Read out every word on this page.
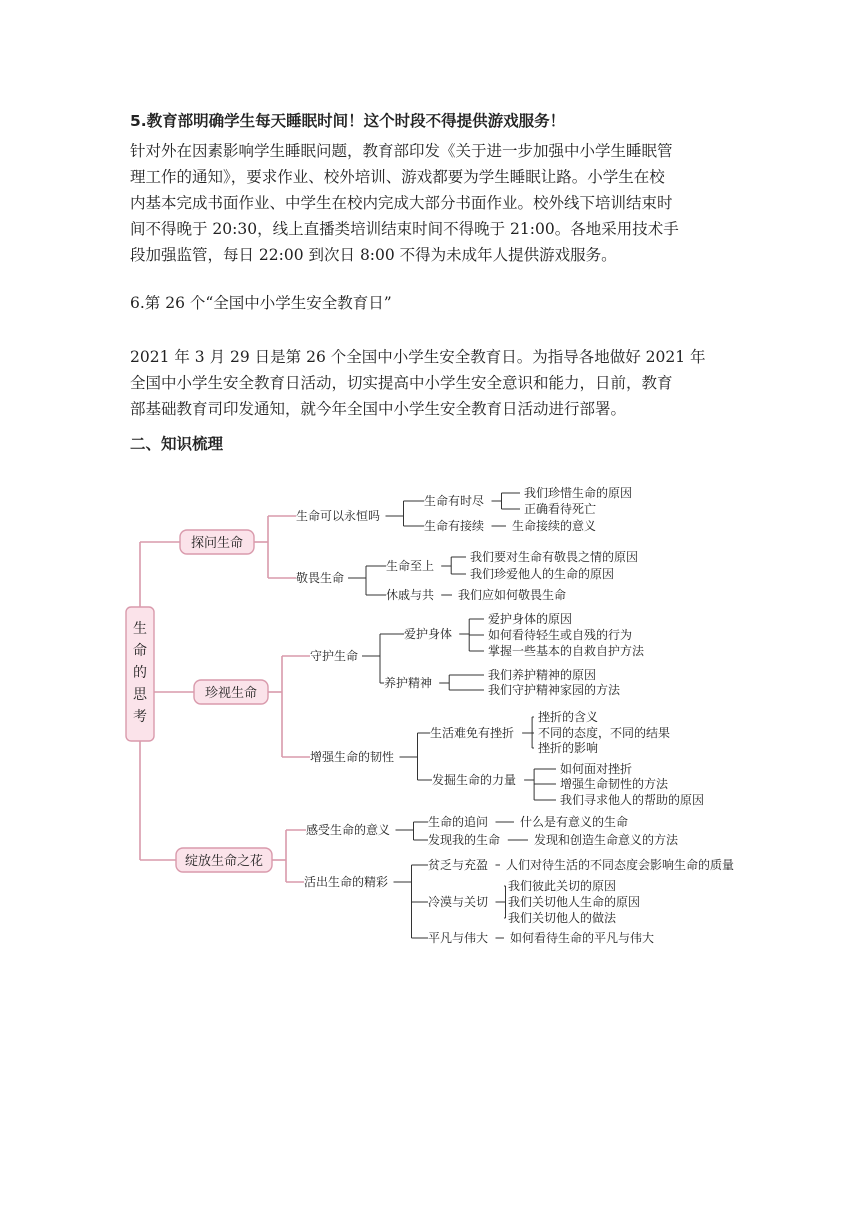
5.教育部明确学生每天睡眠时间！这个时段不得提供游戏服务！

针对外在因素影响学生睡眠问题，教育部印发《关于进一步加强中小学生睡眠管

理工作的通知》，要求作业、校外培训、游戏都要为学生睡眠让路。小学生在校

内基本完成书面作业、中学生在校内完成大部分书面作业。校外线下培训结束时

间不得晚于 20:30，线上直播类培训结束时间不得晚于 21:00。各地采用技术手

段加强监管，每日 22:00 到次日 8:00 不得为未成年人提供游戏服务。

6.第 26 个“全国中小学生安全教育日”

2021 年 3 月 29 日是第 26 个全国中小学生安全教育日。为指导各地做好 2021 年

全国中小学生安全教育日活动，切实提高中小学生安全意识和能力，日前，教育

部基础教育司印发通知，就今年全国中小学生安全教育日活动进行部署。

二、知识梳理
生
命
的
思
考
探问生命
生命可以永恒吗
生命有时尽
我们珍惜生命的原因
正确看待死亡
生命有接续 生命接续的意义
敬畏生命
生命至上
我们要对生命有敬畏之情的原因
我们珍爱他人的生命的原因
休戚与共 我们应如何敬畏生命
珍视生命
守护生命
爱护身体
爱护身体的原因
如何看待轻生或自残的行为
掌握一些基本的自救自护方法
养护精神
我们养护精神的原因
我们守护精神家园的方法
增强生命的韧性
生活难免有挫折
挫折的含义
不同的态度，不同的结果
挫折的影响
发掘生命的力量
如何面对挫折
增强生命韧性的方法
我们寻求他人的帮助的原因
绽放生命之花
感受生命的意义
生命的追问	什么是有意义的生命
发现我的生命	发现和创造生命意义的方法
活出生命的精彩
贫乏与充盈 人们对待生活的不同态度会影响生命的质量
冷漠与关切
我们彼此关切的原因
我们关切他人生命的原因
我们关切他人的做法
平凡与伟大 如何看待生命的平凡与伟大
